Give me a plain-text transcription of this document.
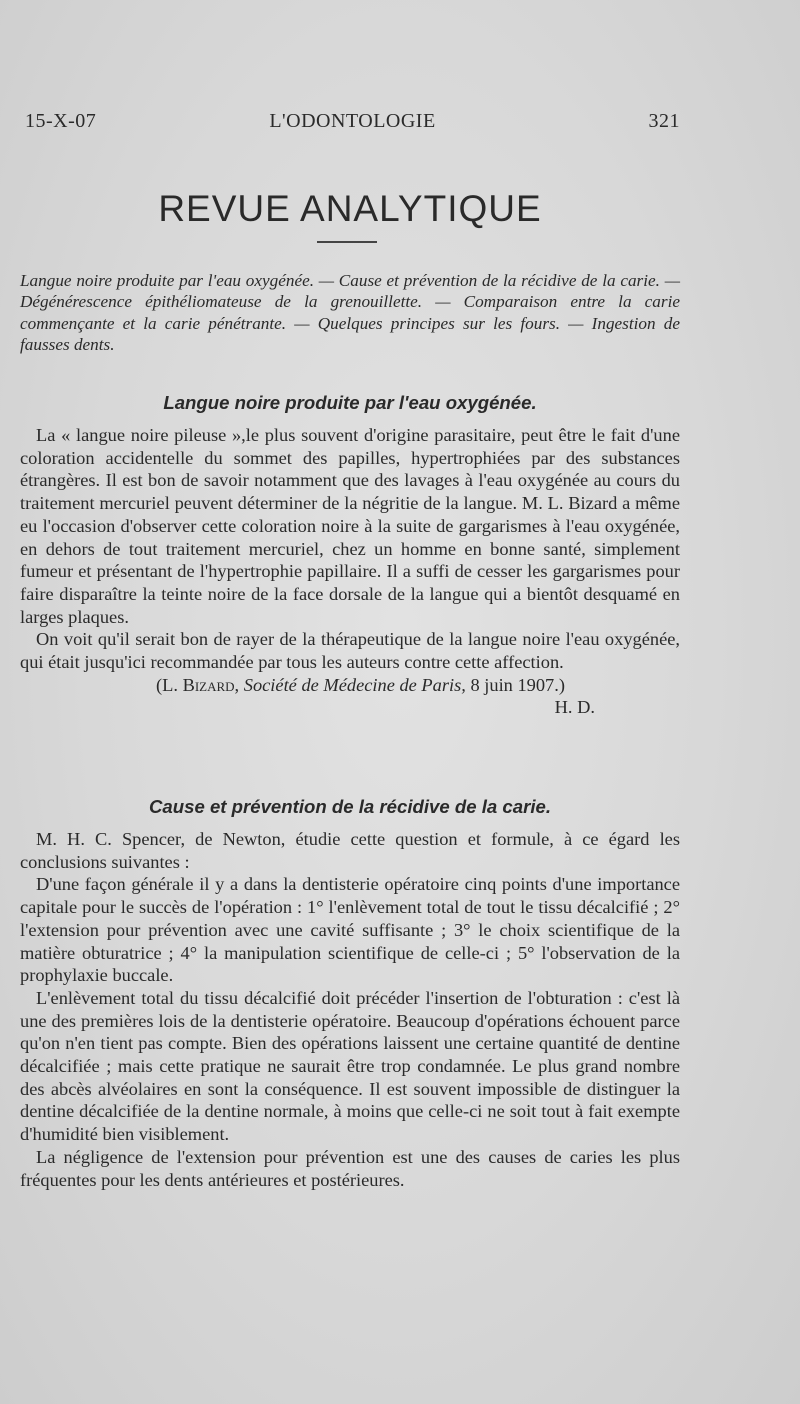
L'ODONTOLOGIE
15-X-07	321
REVUE ANALYTIQUE

Langue noire produite par l'eau oxygénée. — Cause et prévention de la récidive de la carie. — Dégénérescence épithéliomateuse de la grenouillette. — Comparaison entre la carie commençante et la carie pénétrante. — Quelques principes sur les fours. — Ingestion de fausses dents.

Langue noire produite par l'eau oxygénée.

La « langue noire pileuse »,le plus souvent d'origine parasitaire, peut être le fait d'une coloration accidentelle du sommet des papilles, hypertrophiées par des substances étrangères. Il est bon de savoir notamment que des lavages à l'eau oxygénée au cours du traitement mercuriel peuvent déterminer de la négritie de la langue. M. L. Bizard a même eu l'occasion d'observer cette coloration noire à la suite de gargarismes à l'eau oxygénée, en dehors de tout traitement mercuriel, chez un homme en bonne santé, simplement fumeur et présentant de l'hypertrophie papillaire. Il a suffi de cesser les gargarismes pour faire disparaître la teinte noire de la face dorsale de la langue qui a bientôt desquamé en larges plaques.

On voit qu'il serait bon de rayer de la thérapeutique de la langue noire l'eau oxygénée, qui était jusqu'ici recommandée par tous les auteurs contre cette affection.

(L. Bizard, Société de Médecine de Paris, 8 juin 1907.)

H. D.

Cause et prévention de la récidive de la carie.

M. H. C. Spencer, de Newton, étudie cette question et formule, à ce égard les conclusions suivantes :

D'une façon générale il y a dans la dentisterie opératoire cinq points d'une importance capitale pour le succès de l'opération : 1° l'enlèvement total de tout le tissu décalcifié ; 2° l'extension pour prévention avec une cavité suffisante ; 3° le choix scientifique de la matière obturatrice ; 4° la manipulation scientifique de celle-ci ; 5° l'observation de la prophylaxie buccale.

L'enlèvement total du tissu décalcifié doit précéder l'insertion de l'obturation : c'est là une des premières lois de la dentisterie opératoire. Beaucoup d'opérations échouent parce qu'on n'en tient pas compte. Bien des opérations laissent une certaine quantité de dentine décalcifiée ; mais cette pratique ne saurait être trop condamnée. Le plus grand nombre des abcès alvéolaires en sont la conséquence. Il est souvent impossible de distinguer la dentine décalcifiée de la dentine normale, à moins que celle-ci ne soit tout à fait exempte d'humidité bien visiblement.

La négligence de l'extension pour prévention est une des causes de caries les plus fréquentes pour les dents antérieures et postérieures.
